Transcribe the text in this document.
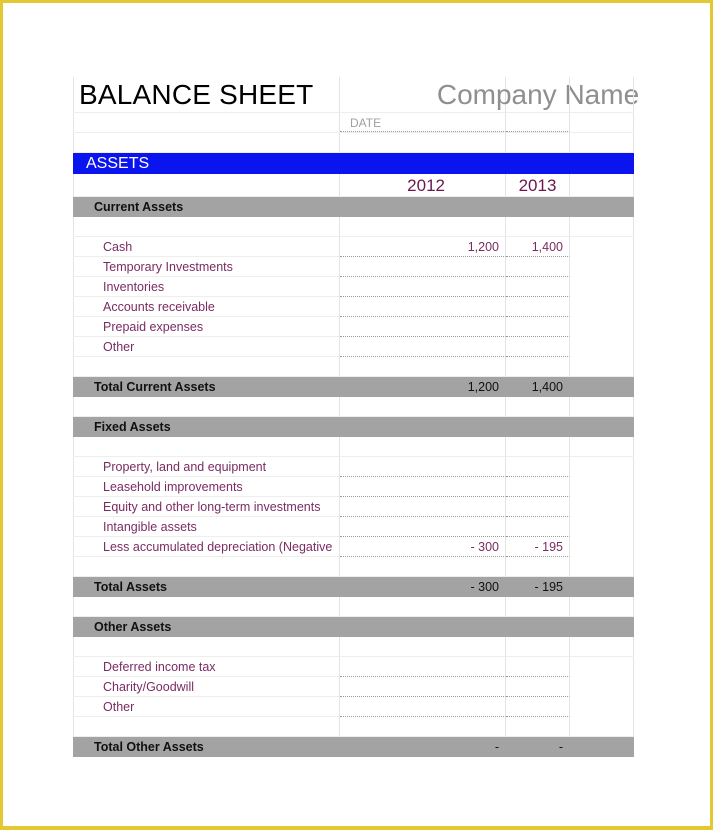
BALANCE SHEET	Company Name
DATE
ASSETS
2012	2013
Current Assets
Cash	1,200	1,400
Temporary Investments
Inventories
Accounts receivable
Prepaid expenses
Other
Total Current Assets	1,200	1,400
Fixed Assets
Property, land and equipment
Leasehold improvements
Equity and other long-term investments
Intangible assets
Less accumulated depreciation (Negative	- 300	- 195
Total Assets	- 300	- 195
Other Assets
Deferred income tax
Charity/Goodwill
Other
Total Other Assets	-	-
